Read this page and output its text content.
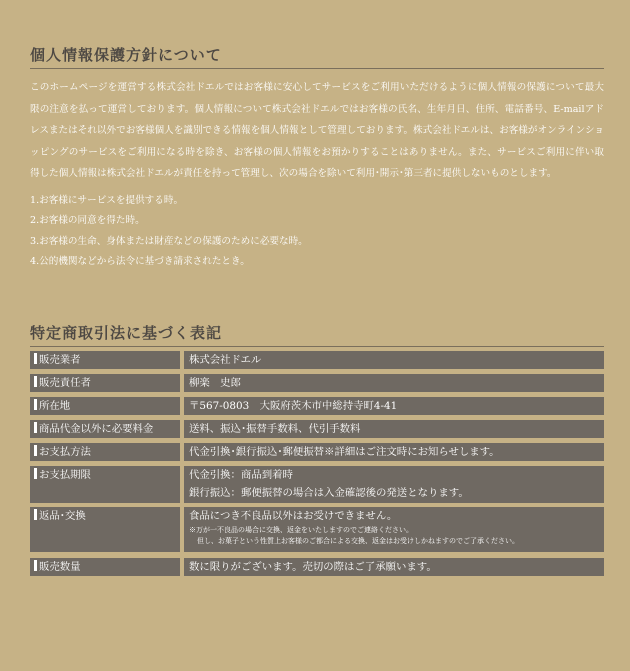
個人情報保護方針について
このホームページを運営する株式会社ドエルではお客様に安心してサービスをご利用いただけるように個人情報の保護について最大限の注意を払って運営しております。個人情報について株式会社ドエルではお客様の氏名、生年月日、住所、電話番号、E-mailアドレスまたはそれ以外でお客様個人を識別できる情報を個人情報として管理しております。株式会社ドエルは、お客様がオンラインショッピングのサービスをご利用になる時を除き、お客様の個人情報をお預かりすることはありません。また、サービスご利用に伴い取得した個人情報は株式会社ドエルが責任を持って管理し、次の場合を除いて利用･開示･第三者に提供しないものとします。
1.お客様にサービスを提供する時。
2.お客様の同意を得た時。
3.お客様の生命、身体または財産などの保護のために必要な時。
4.公的機関などから法令に基づき請求されたとき。
特定商取引法に基づく表記
販売業者	株式会社ドエル
販売責任者	柳楽　史郎
所在地	〒567-0803　大阪府茨木市中総持寺町4-41
商品代金以外に必要料金	送料、振込･振替手数料、代引手数料
お支払方法	代金引換･銀行振込･郵便振替※詳細はご注文時にお知らせします。
お支払期限	代金引換：商品到着時
銀行振込：郵便振替の場合は入金確認後の発送となります。
返品･交換	食品につき不良品以外はお受けできません。
※万が一不良品の場合に交換、返金をいたしますのでご連絡ください。
但し、お菓子という性質上お客様のご都合による交換、返金はお受けしかねますのでご了承ください。
販売数量	数に限りがございます。売切の際はご了承願います。
